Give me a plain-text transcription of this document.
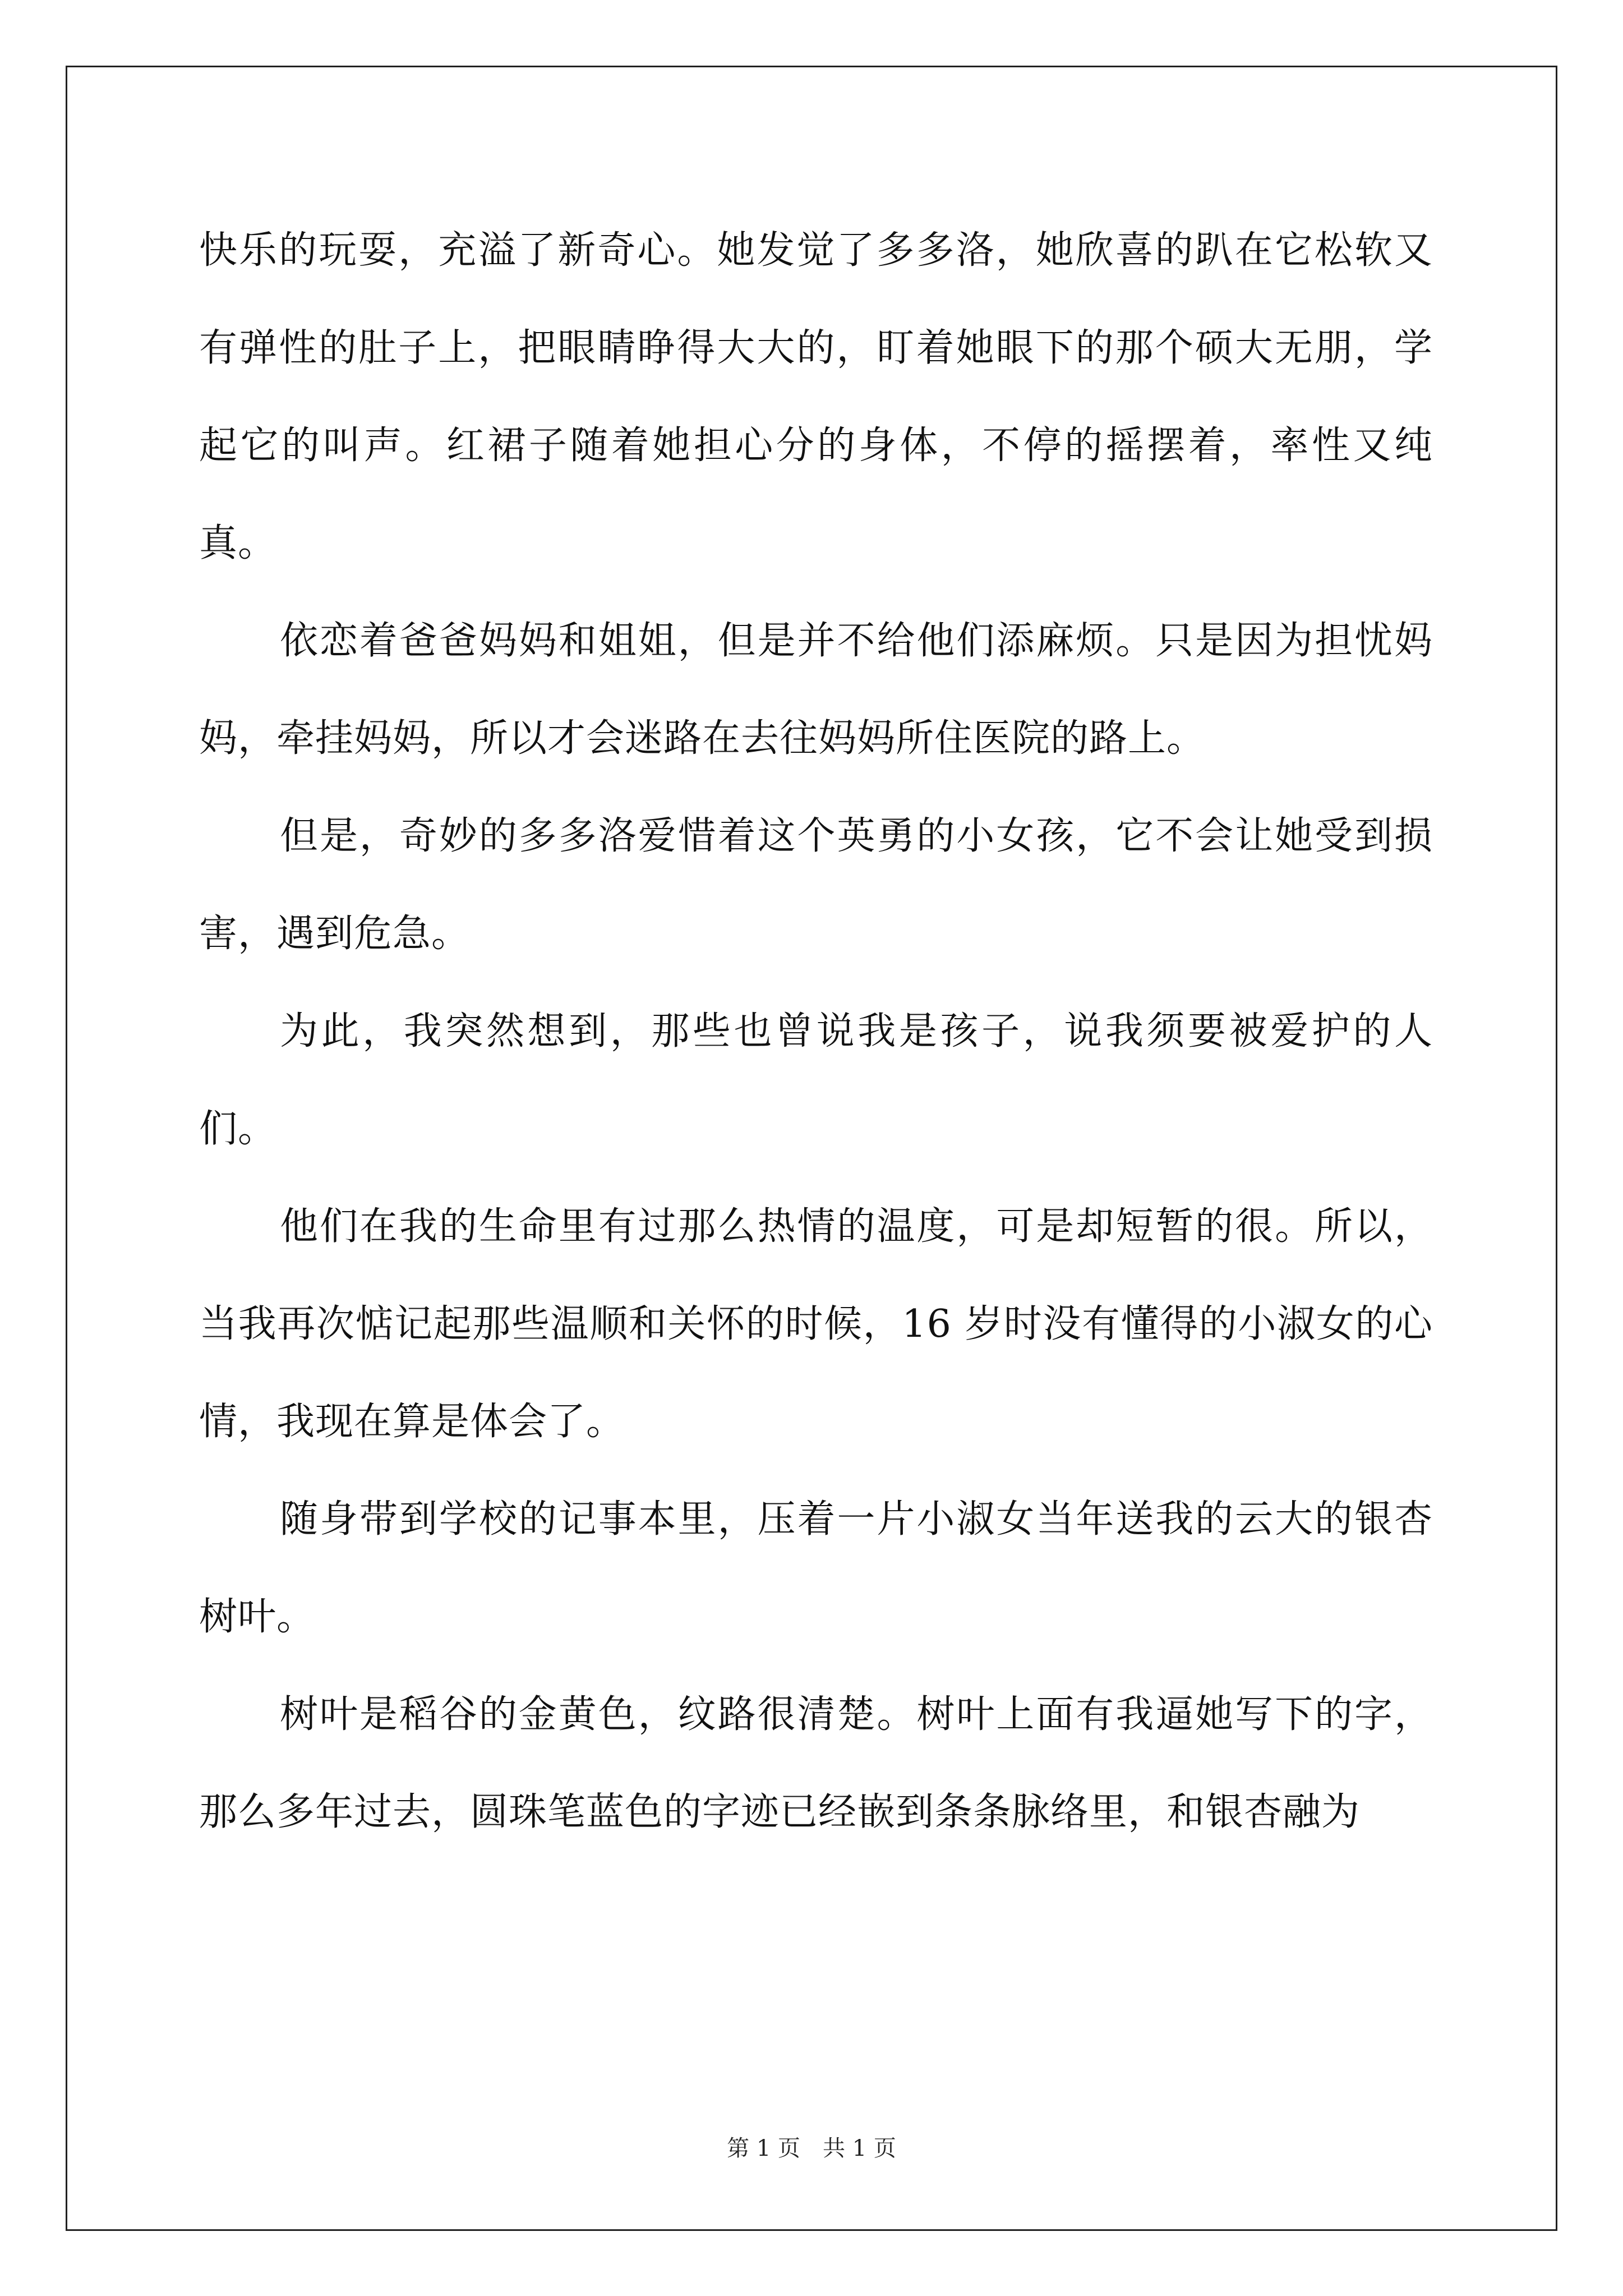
快乐的玩耍，充溢了新奇心。她发觉了多多洛，她欣喜的趴在它松软又有弹性的肚子上，把眼睛睁得大大的，盯着她眼下的那个硕大无朋，学起它的叫声。红裙子随着她担心分的身体，不停的摇摆着，率性又纯真。

依恋着爸爸妈妈和姐姐，但是并不给他们添麻烦。只是因为担忧妈妈，牵挂妈妈，所以才会迷路在去往妈妈所住医院的路上。

但是，奇妙的多多洛爱惜着这个英勇的小女孩，它不会让她受到损害，遇到危急。

为此，我突然想到，那些也曾说我是孩子，说我须要被爱护的人们。

他们在我的生命里有过那么热情的温度，可是却短暂的很。所以，当我再次惦记起那些温顺和关怀的时候，16 岁时没有懂得的小淑女的心情，我现在算是体会了。

随身带到学校的记事本里，压着一片小淑女当年送我的云大的银杏树叶。

树叶是稻谷的金黄色，纹路很清楚。树叶上面有我逼她写下的字，那么多年过去，圆珠笔蓝色的字迹已经嵌到条条脉络里，和银杏融为

第 1 页　共 1 页
